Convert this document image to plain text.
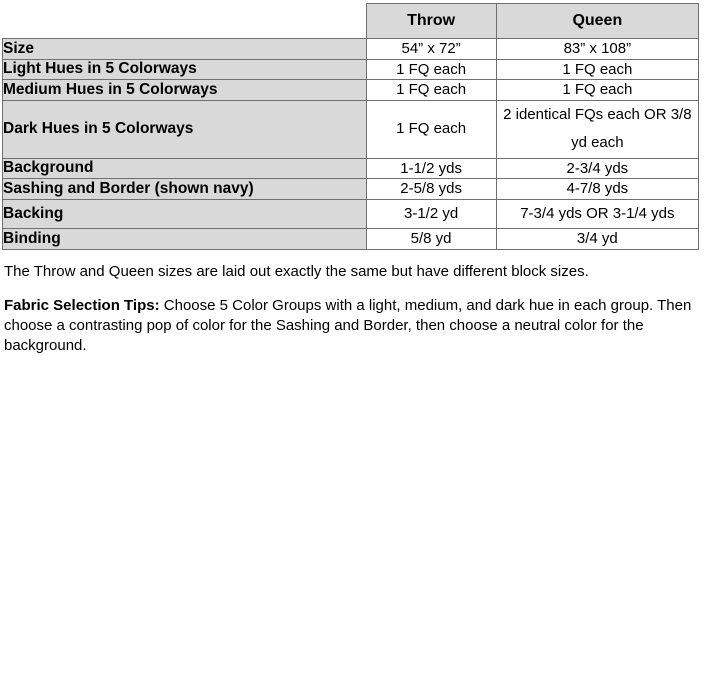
	Throw	Queen
Size	54” x 72”	83” x 108”
Light Hues in 5 Colorways	1 FQ each	1 FQ each
Medium Hues in 5 Colorways	1 FQ each	1 FQ each
Dark Hues in 5 Colorways	1 FQ each	2 identical FQs each OR 3/8 yd each
Background	1-1/2 yds	2-3/4 yds
Sashing and Border (shown navy)	2-5/8 yds	4-7/8 yds
Backing	3-1/2 yd	7-3/4 yds OR 3-1/4 yds
Binding	5/8 yd	3/4 yd

The Throw and Queen sizes are laid out exactly the same but have different block sizes.

Fabric Selection Tips: Choose 5 Color Groups with a light, medium, and dark hue in each group. Then choose a contrasting pop of color for the Sashing and Border, then choose a neutral color for the background.
